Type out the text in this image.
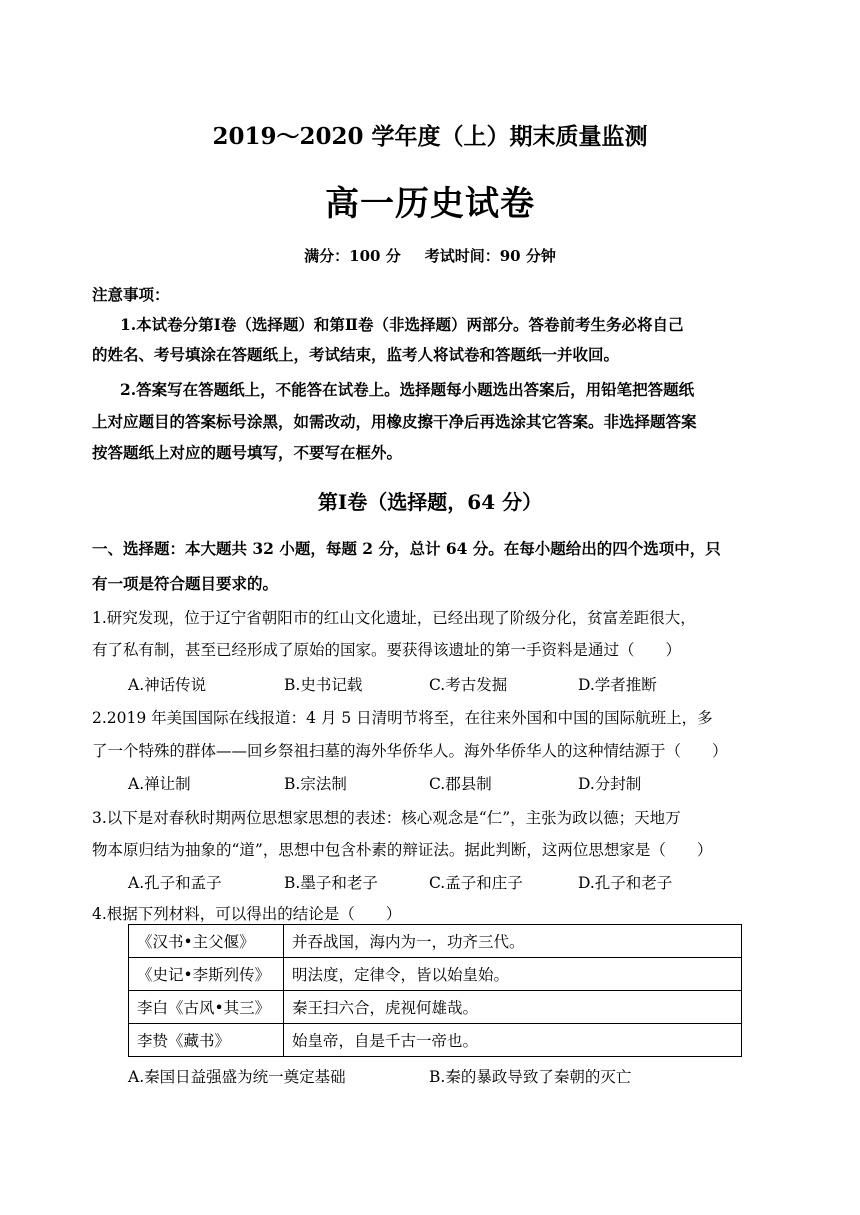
2019～2020 学年度（上）期末质量监测
高一历史试卷
满分：100 分 考试时间：90 分钟
注意事项：
1.本试卷分第Ⅰ卷（选择题）和第Ⅱ卷（非选择题）两部分。答卷前考生务必将自己
的姓名、考号填涂在答题纸上，考试结束，监考人将试卷和答题纸一并收回。
2.答案写在答题纸上，不能答在试卷上。选择题每小题选出答案后，用铅笔把答题纸
上对应题目的答案标号涂黑，如需改动，用橡皮擦干净后再选涂其它答案。非选择题答案
按答题纸上对应的题号填写，不要写在框外。
第Ⅰ卷（选择题，64 分）
一、选择题：本大题共 32 小题，每题 2 分，总计 64 分。在每小题给出的四个选项中，只
有一项是符合题目要求的。
1.研究发现，位于辽宁省朝阳市的红山文化遗址，已经出现了阶级分化，贫富差距很大，
有了私有制，甚至已经形成了原始的国家。要获得该遗址的第一手资料是通过（　　）
A.神话传说	B.史书记载	C.考古发掘	D.学者推断
2.2019 年美国国际在线报道：4 月 5 日清明节将至，在往来外国和中国的国际航班上，多
了一个特殊的群体——回乡祭祖扫墓的海外华侨华人。海外华侨华人的这种情结源于（　　）
A.禅让制	B.宗法制	C.郡县制	D.分封制
3.以下是对春秋时期两位思想家思想的表述：核心观念是“仁”，主张为政以德；天地万
物本原归结为抽象的“道”，思想中包含朴素的辩证法。据此判断，这两位思想家是（　　）
A.孔子和孟子	B.墨子和老子	C.孟子和庄子	D.孔子和老子
4.根据下列材料，可以得出的结论是（　　）
《汉书•主父偃》	并吞战国，海内为一，功齐三代。
《史记•李斯列传》	明法度，定律令，皆以始皇始。
李白《古风•其三》	秦王扫六合，虎视何雄哉。
李贽《藏书》	始皇帝，自是千古一帝也。
A.秦国日益强盛为统一奠定基础	B.秦的暴政导致了秦朝的灭亡
